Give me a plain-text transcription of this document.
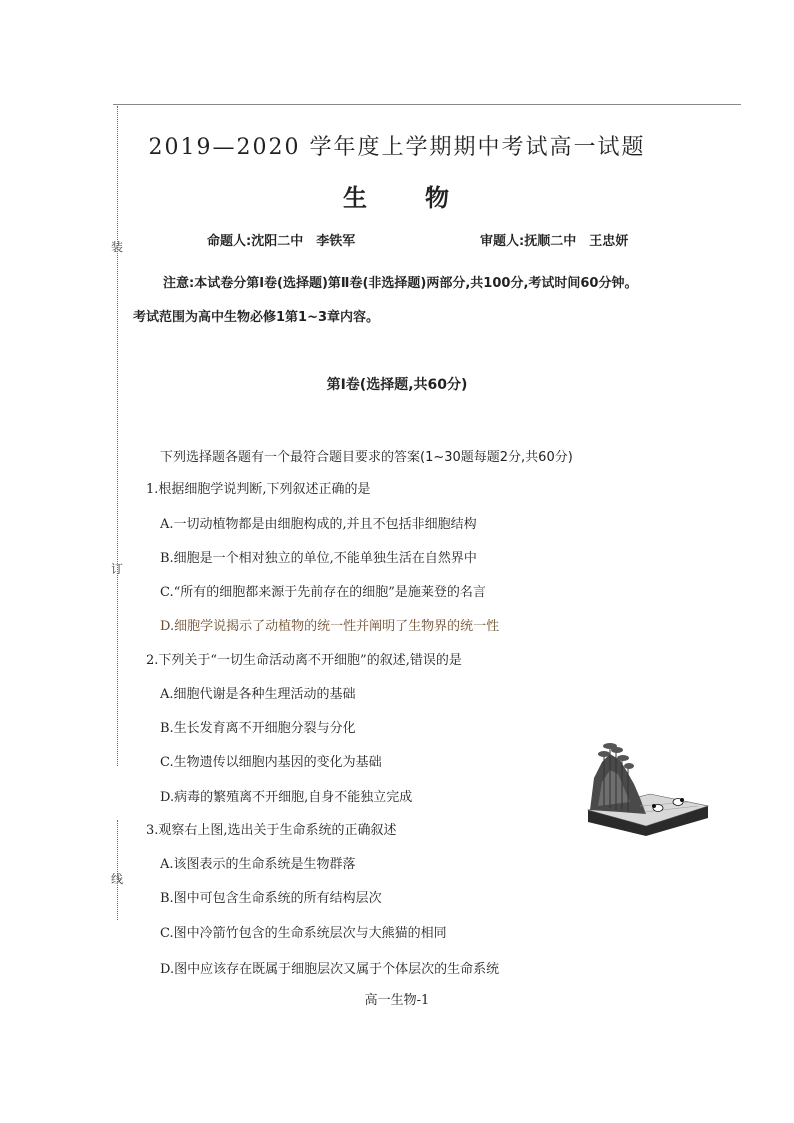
装
订
线
2019—2020 学年度上学期期中考试高一试题
生 物
命题人:沈阳二中　李铁军	审题人:抚顺二中　王忠妍
注意:本试卷分第Ⅰ卷(选择题)第Ⅱ卷(非选择题)两部分,共100分,考试时间60分钟。
考试范围为高中生物必修1第1~3章内容。
第Ⅰ卷(选择题,共60分)
下列选择题各题有一个最符合题目要求的答案(1~30题每题2分,共60分)
1.根据细胞学说判断,下列叙述正确的是
A.一切动植物都是由细胞构成的,并且不包括非细胞结构
B.细胞是一个相对独立的单位,不能单独生活在自然界中
C.“所有的细胞都来源于先前存在的细胞”是施莱登的名言
D.细胞学说揭示了动植物的统一性并阐明了生物界的统一性
2.下列关于“一切生命活动离不开细胞”的叙述,错误的是
A.细胞代谢是各种生理活动的基础
B.生长发育离不开细胞分裂与分化
C.生物遗传以细胞内基因的变化为基础
D.病毒的繁殖离不开细胞,自身不能独立完成
3.观察右上图,选出关于生命系统的正确叙述
A.该图表示的生命系统是生物群落
B.图中可包含生命系统的所有结构层次
C.图中冷箭竹包含的生命系统层次与大熊猫的相同
D.图中应该存在既属于细胞层次又属于个体层次的生命系统
高一生物-1
